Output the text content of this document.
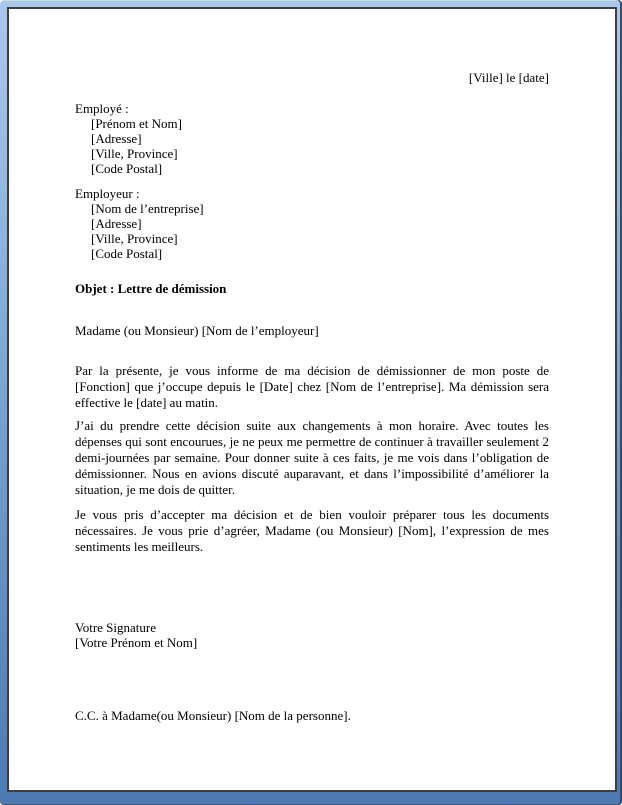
[Ville] le [date]
Employé :
[Prénom et Nom]
[Adresse]
[Ville, Province]
[Code Postal]
Employeur :
[Nom de l’entreprise]
[Adresse]
[Ville, Province]
[Code Postal]
Objet : Lettre de démission
Madame (ou Monsieur) [Nom de l’employeur]
Par la présente, je vous informe de ma décision de démissionner de mon poste de [Fonction] que j’occupe depuis le [Date] chez [Nom de l’entreprise]. Ma démission sera effective le [date] au matin.
J’ai du prendre cette décision suite aux changements à mon horaire. Avec toutes les dépenses qui sont encourues, je ne peux me permettre de continuer à travailler seulement 2 demi-journées par semaine. Pour donner suite à ces faits, je me vois dans l’obligation de démissionner. Nous en avions discuté auparavant, et dans l’impossibilité d’améliorer la situation, je me dois de quitter.
Je vous pris d’accepter ma décision et de bien vouloir préparer tous les documents nécessaires. Je vous prie d’agréer, Madame (ou Monsieur) [Nom], l’expression de mes sentiments les meilleurs.
Votre Signature
[Votre Prénom et Nom]
C.C. à Madame(ou Monsieur) [Nom de la personne].
